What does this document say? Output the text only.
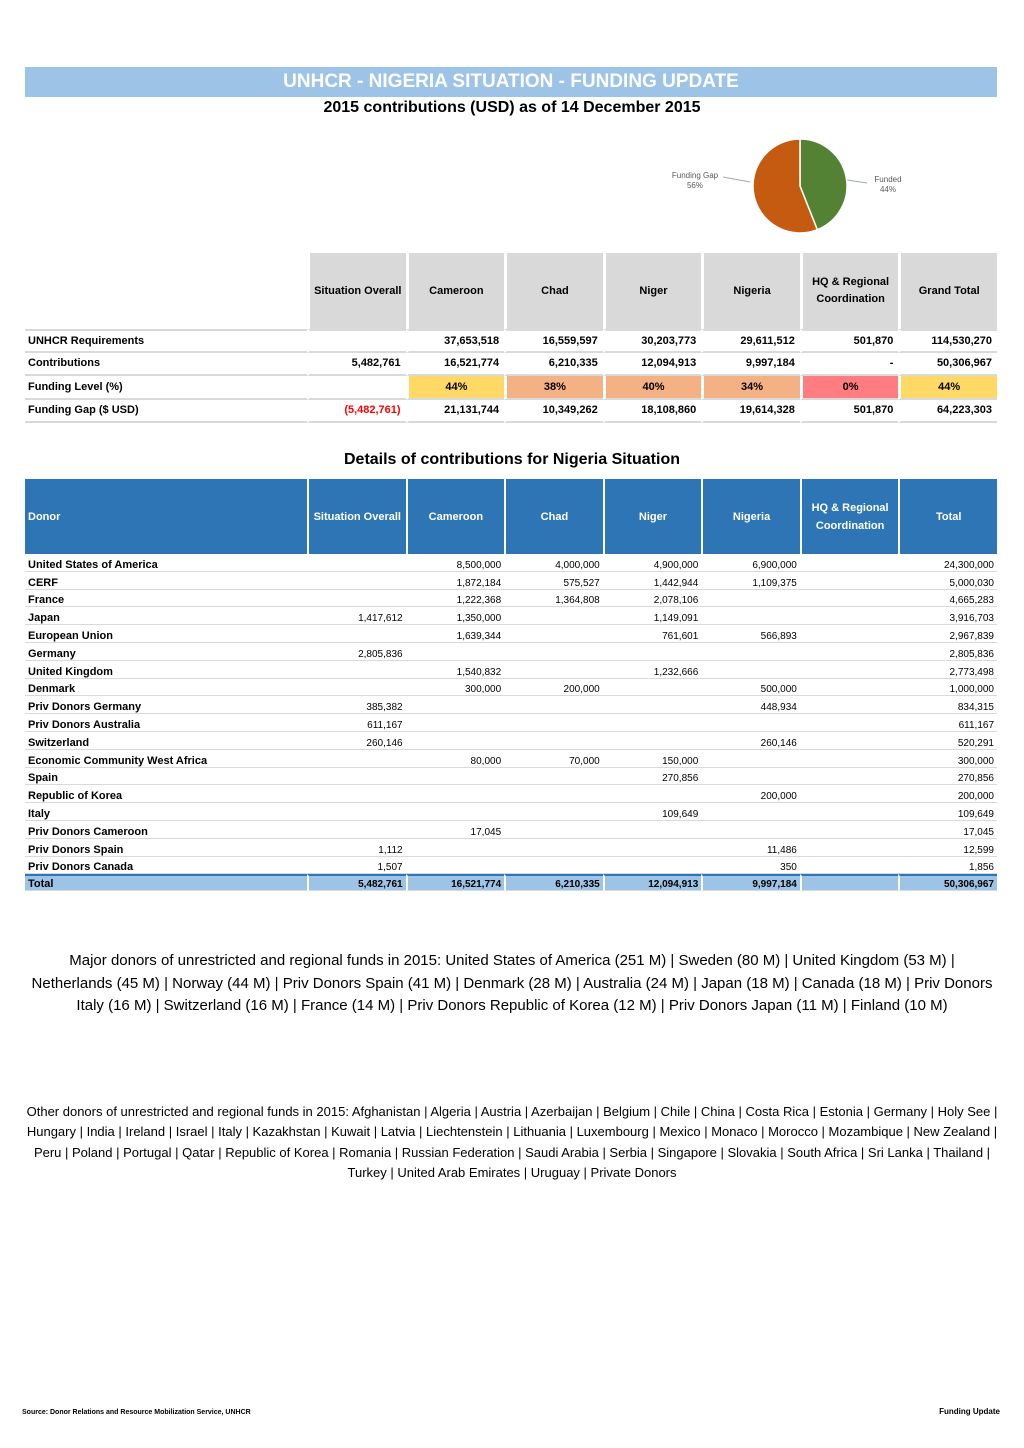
UNHCR - NIGERIA SITUATION - FUNDING UPDATE
2015 contributions (USD) as of 14 December 2015
Funding Gap
56%
Funded
44%
	Situation Overall	Cameroon	Chad	Niger	Nigeria	HQ & Regional Coordination	Grand Total
UNHCR Requirements		37,653,518	16,559,597	30,203,773	29,611,512	501,870	114,530,270
Contributions	5,482,761	16,521,774	6,210,335	12,094,913	9,997,184	-	50,306,967
Funding Level (%)		44%	38%	40%	34%	0%	44%
Funding Gap ($ USD)	(5,482,761)	21,131,744	10,349,262	18,108,860	19,614,328	501,870	64,223,303
Details of contributions for Nigeria Situation
Donor	Situation Overall	Cameroon	Chad	Niger	Nigeria	HQ & Regional Coordination	Total
United States of America		8,500,000	4,000,000	4,900,000	6,900,000		24,300,000
CERF		1,872,184	575,527	1,442,944	1,109,375		5,000,030
France		1,222,368	1,364,808	2,078,106			4,665,283
Japan	1,417,612	1,350,000		1,149,091			3,916,703
European Union		1,639,344		761,601	566,893		2,967,839
Germany	2,805,836						2,805,836
United Kingdom		1,540,832		1,232,666			2,773,498
Denmark		300,000	200,000		500,000		1,000,000
Priv Donors Germany	385,382				448,934		834,315
Priv Donors Australia	611,167						611,167
Switzerland	260,146				260,146		520,291
Economic Community West Africa		80,000	70,000	150,000			300,000
Spain				270,856			270,856
Republic of Korea					200,000		200,000
Italy				109,649			109,649
Priv Donors Cameroon		17,045					17,045
Priv Donors Spain	1,112				11,486		12,599
Priv Donors Canada	1,507				350		1,856
Total	5,482,761	16,521,774	6,210,335	12,094,913	9,997,184		50,306,967
Major donors of unrestricted and regional funds in 2015: United States of America (251 M) | Sweden (80 M) | United Kingdom (53 M) | Netherlands (45 M) | Norway (44 M) | Priv Donors Spain (41 M) | Denmark (28 M) | Australia (24 M) | Japan (18 M) | Canada (18 M) | Priv Donors Italy (16 M) | Switzerland (16 M) | France (14 M) | Priv Donors Republic of Korea (12 M) | Priv Donors Japan (11 M) | Finland (10 M)
Other donors of unrestricted and regional funds in 2015: Afghanistan | Algeria | Austria | Azerbaijan | Belgium | Chile | China | Costa Rica | Estonia | Germany | Holy See | Hungary | India | Ireland | Israel | Italy | Kazakhstan | Kuwait | Latvia | Liechtenstein | Lithuania | Luxembourg | Mexico | Monaco | Morocco | Mozambique | New Zealand | Peru | Poland | Portugal | Qatar | Republic of Korea | Romania | Russian Federation | Saudi Arabia | Serbia | Singapore | Slovakia | South Africa | Sri Lanka | Thailand | Turkey | United Arab Emirates | Uruguay | Private Donors
Source: Donor Relations and Resource Mobilization Service, UNHCR	Funding Update
